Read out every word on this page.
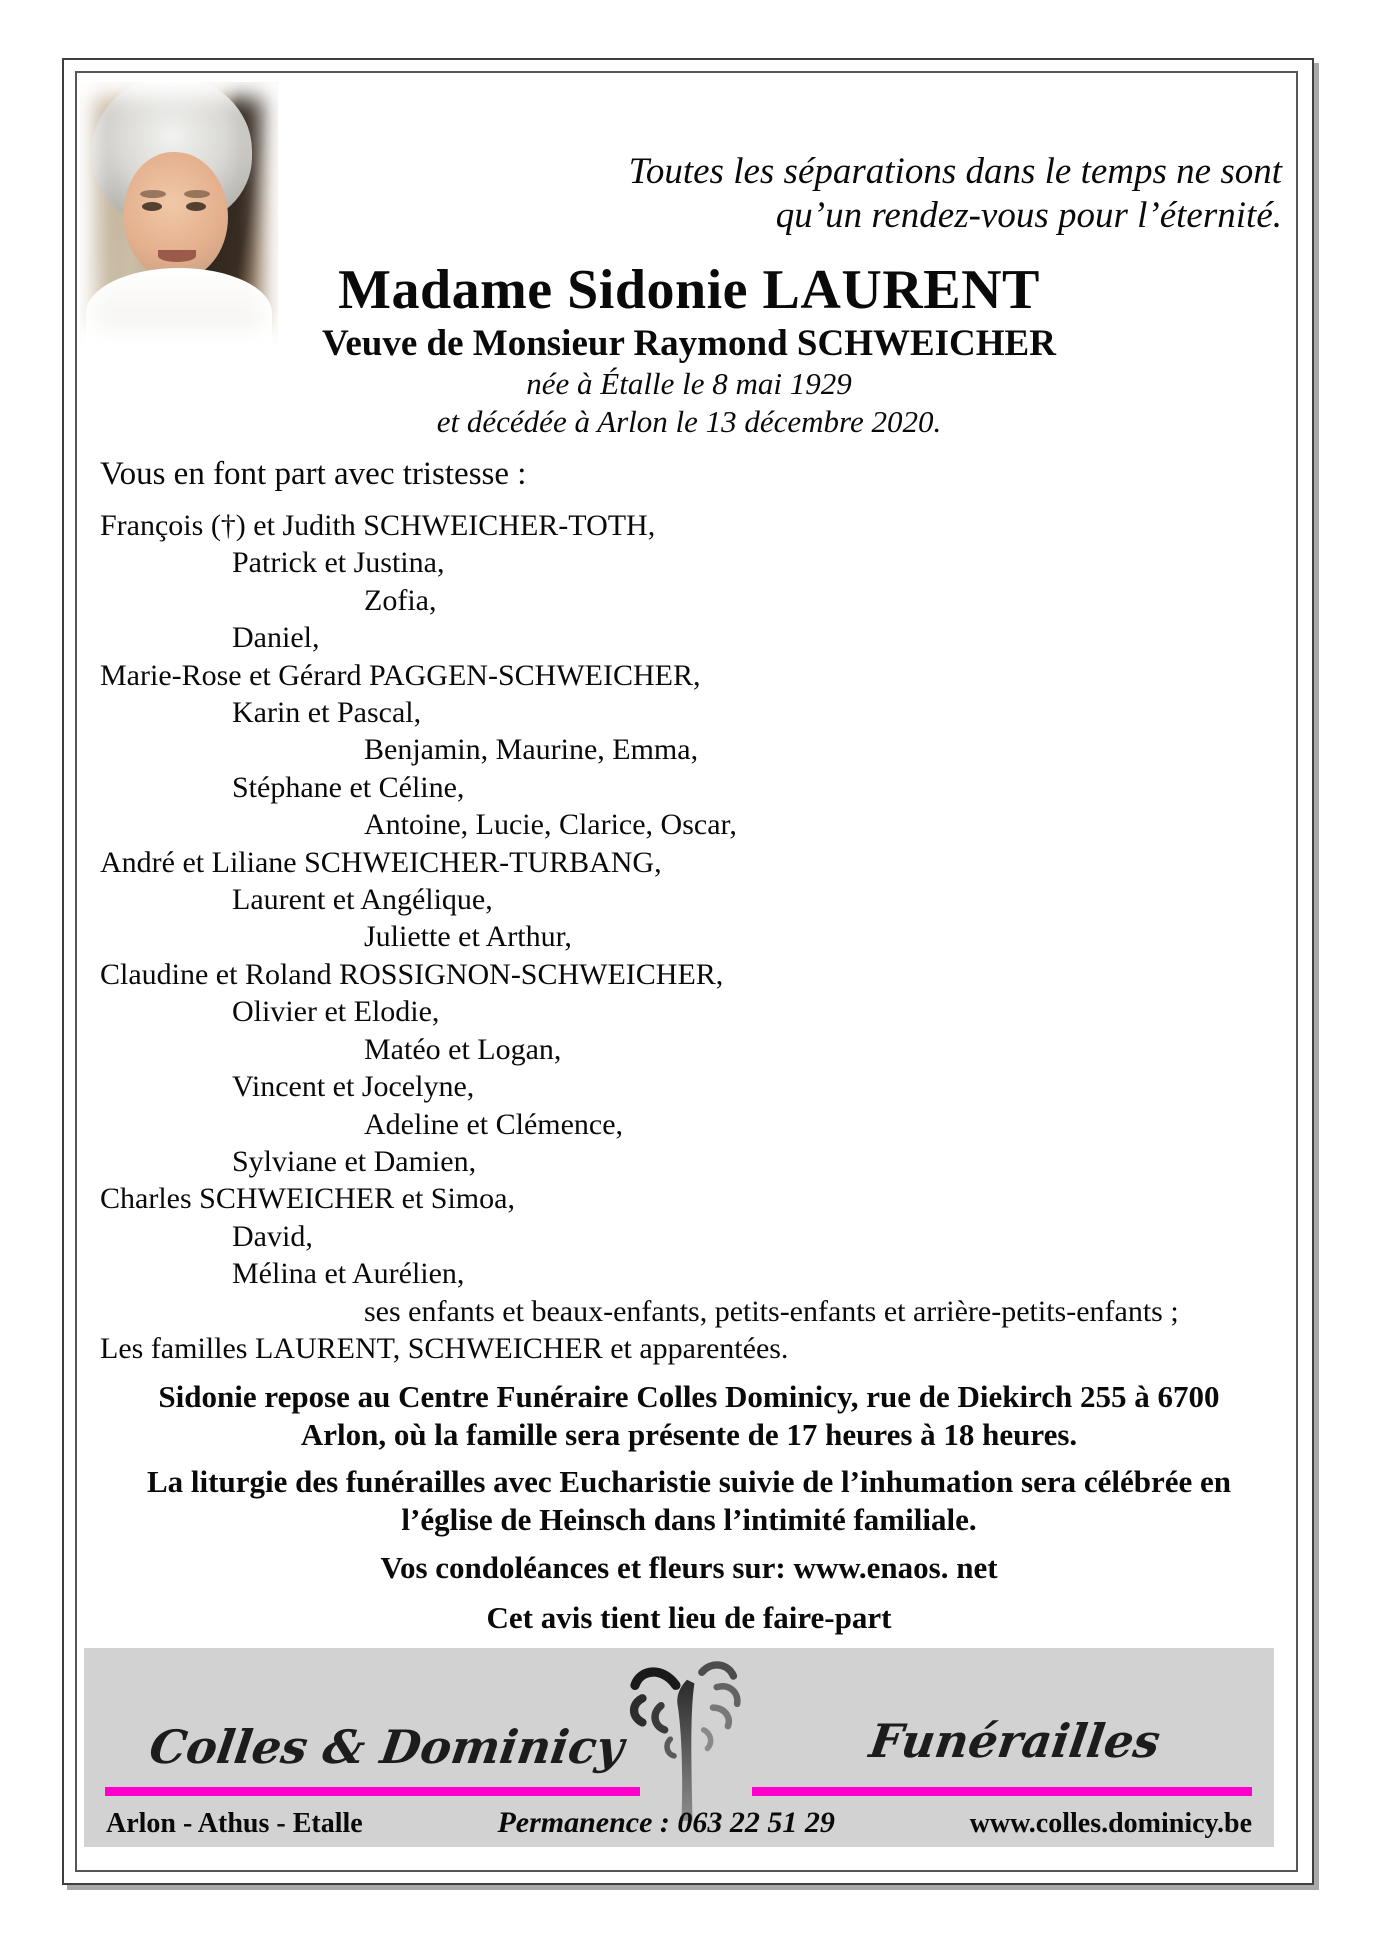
Toutes les séparations dans le temps ne sont
qu’un rendez-vous pour l’éternité.
Madame Sidonie LAURENT
Veuve de Monsieur Raymond SCHWEICHER
née à Étalle le 8 mai 1929
et décédée à Arlon le 13 décembre 2020.
Vous en font part avec tristesse :
François (†) et Judith SCHWEICHER-TOTH,
Patrick et Justina,
Zofia,
Daniel,
Marie-Rose et Gérard PAGGEN-SCHWEICHER,
Karin et Pascal,
Benjamin, Maurine, Emma,
Stéphane et Céline,
Antoine, Lucie, Clarice, Oscar,
André et Liliane SCHWEICHER-TURBANG,
Laurent et Angélique,
Juliette et Arthur,
Claudine et Roland ROSSIGNON-SCHWEICHER,
Olivier et Elodie,
Matéo et Logan,
Vincent et Jocelyne,
Adeline et Clémence,
Sylviane et Damien,
Charles SCHWEICHER et Simoa,
David,
Mélina et Aurélien,
ses enfants et beaux-enfants, petits-enfants et arrière-petits-enfants ;
Les familles LAURENT, SCHWEICHER et apparentées.
Sidonie repose au Centre Funéraire Colles Dominicy, rue de Diekirch 255 à 6700
Arlon, où la famille sera présente de 17 heures à 18 heures.
La liturgie des funérailles avec Eucharistie suivie de l’inhumation sera célébrée en
l’église de Heinsch dans l’intimité familiale.
Vos condoléances et fleurs sur: www.enaos. net
Cet avis tient lieu de faire-part
Colles & Dominicy	Funérailles
Arlon - Athus - Etalle	Permanence : 063 22 51 29	www.colles.dominicy.be
